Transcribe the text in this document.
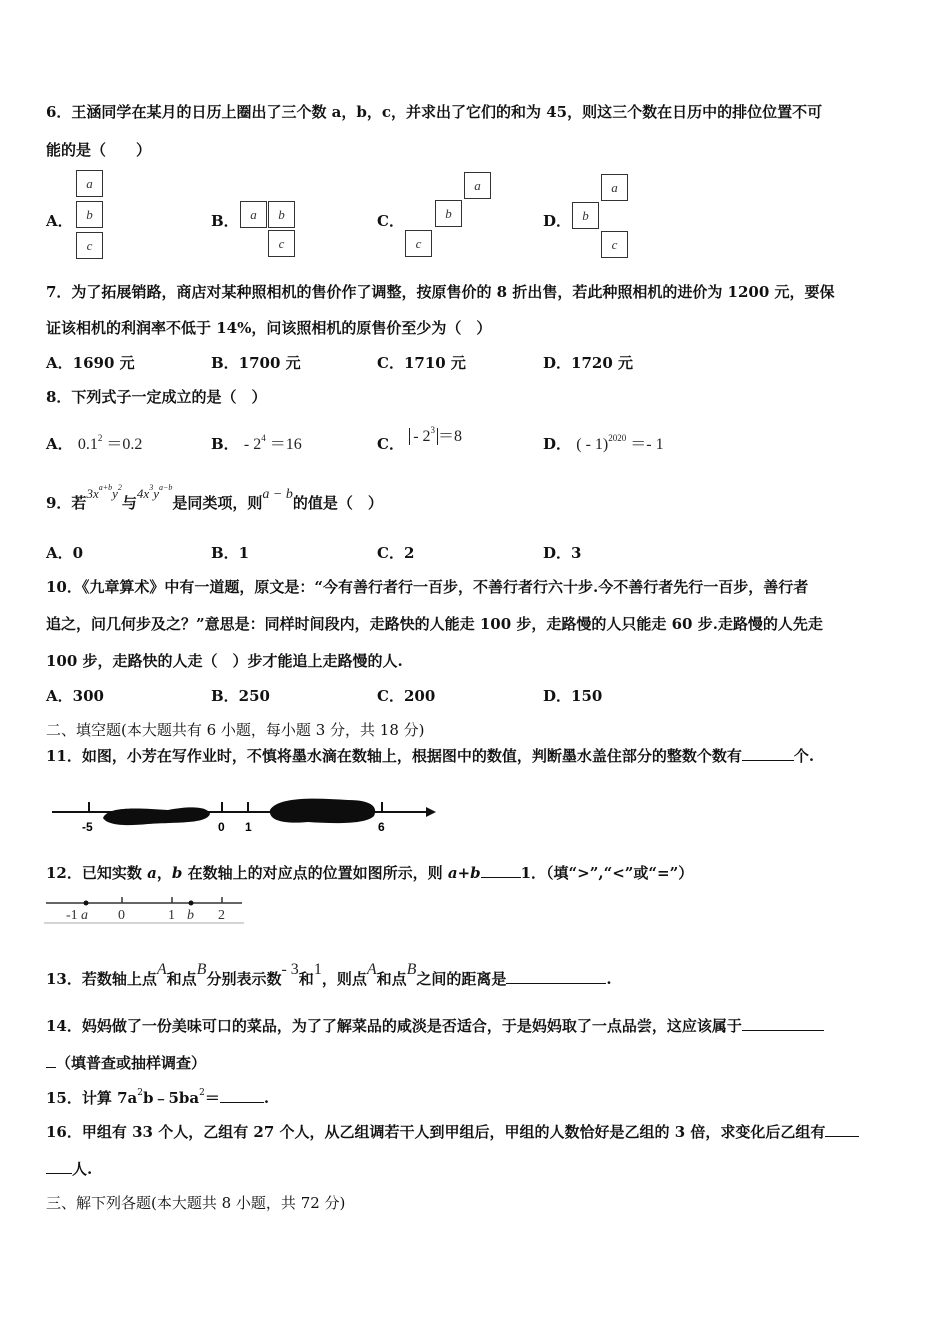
6．王涵同学在某月的日历上圈出了三个数 a，b，c，并求出了它们的和为 45，则这三个数在日历中的排位位置不可
能的是（　　）
A．
a
b
c
B． a	b
c
C．
a
b
c
D．
a
b
c
7．为了拓展销路，商店对某种照相机的售价作了调整，按原售价的 8 折出售，若此种照相机的进价为 1200 元，要保
证该相机的利润率不低于 14%，问该照相机的原售价至少为（　）
A．1690 元	B．1700 元	C．1710 元	D．1720 元
8．下列式子一定成立的是（　）
A． $0.1^2 =0.2$	B． - $2^4 =16$	C． - $2^3 =8$	D． ( - 1)$^{2020}$ ＝- 1
9．若$3x^{a+b}y^2$与$4x^3y^{a-b}$是同类项，则a − b的值是（　）
A．0	B．1	C．2	D．3
10．《九章算术》中有一道题，原文是：“今有善行者行一百步，不善行者行六十步.今不善行者先行一百步，善行者
追之，问几何步及之？”意思是：同样时间段内，走路快的人能走 100 步，走路慢的人只能走 60 步.走路慢的人先走
100 步，走路快的人走（　）步才能追上走路慢的人.
A．300	B．250	C．200	D．150
二、填空题(本大题共有 6 小题，每小题 3 分，共 18 分)
11．如图，小芳在写作业时，不慎将墨水滴在数轴上，根据图中的数值，判断墨水盖住部分的整数个数有	个.
-5	0 1	6
12．已知实数 a，b 在数轴上的对应点的位置如图所示，则 a+b	1．（填“>”,“<”或“=”）
-1 a 0	1 b 2
13．若数轴上点A和点B分别表示数- 3和1，则点A和点B之间的距离是	.
14．妈妈做了一份美味可口的菜品，为了了解菜品的咸淡是否适合，于是妈妈取了一点品尝，这应该属于
（填普查或抽样调查）
15．计算 $7a^2b﹣5ba^2=$	.
16．甲组有 33 个人，乙组有 27 个人，从乙组调若干人到甲组后，甲组的人数恰好是乙组的 3 倍，求变化后乙组有
人.
三、解下列各题(本大题共 8 小题，共 72 分)
